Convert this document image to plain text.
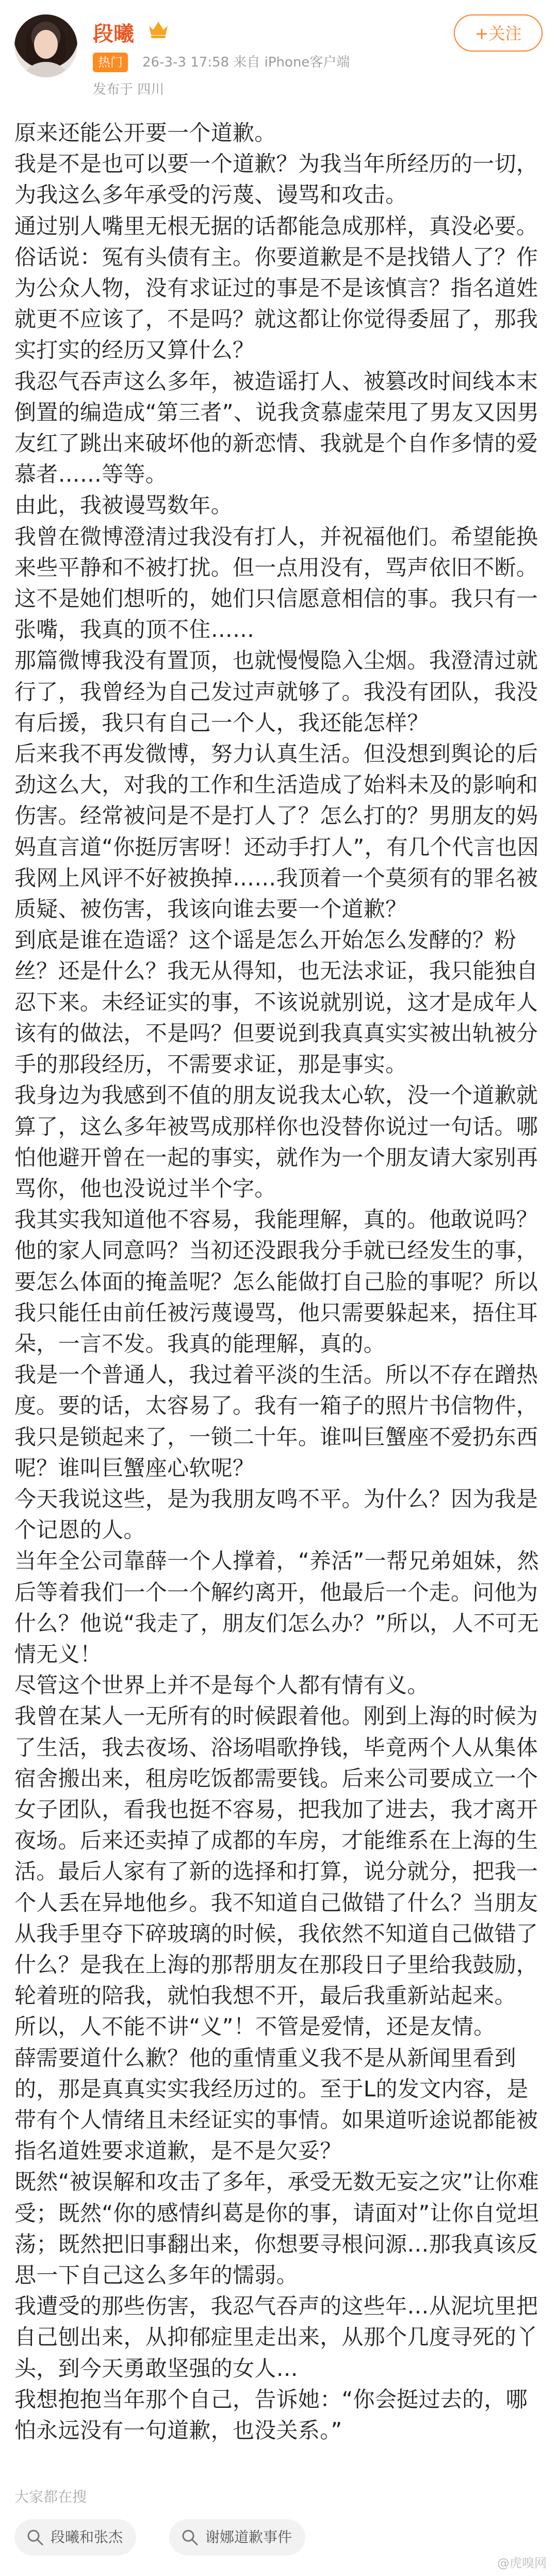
段曦
热门	26-3-3 17:58 来自 iPhone客户端
发布于 四川
+关注

原来还能公开要一个道歉。

我是不是也可以要一个道歉？为我当年所经历的一切，为我这么多年承受的污蔑、谩骂和攻击。

通过别人嘴里无根无据的话都能急成那样，真没必要。俗话说：冤有头债有主。你要道歉是不是找错人了？作为公众人物，没有求证过的事是不是该慎言？指名道姓就更不应该了，不是吗？就这都让你觉得委屈了，那我实打实的经历又算什么？

我忍气吞声这么多年，被造谣打人、被篡改时间线本末倒置的编造成“第三者”、说我贪慕虚荣甩了男友又因男友红了跳出来破坏他的新恋情、我就是个自作多情的爱慕者……等等。

由此，我被谩骂数年。

我曾在微博澄清过我没有打人，并祝福他们。希望能换来些平静和不被打扰。但一点用没有，骂声依旧不断。这不是她们想听的，她们只信愿意相信的事。我只有一张嘴，我真的顶不住……

那篇微博我没有置顶，也就慢慢隐入尘烟。我澄清过就行了，我曾经为自己发过声就够了。我没有团队，我没有后援，我只有自己一个人，我还能怎样？

后来我不再发微博，努力认真生活。但没想到舆论的后劲这么大，对我的工作和生活造成了始料未及的影响和伤害。经常被问是不是打人了？怎么打的？男朋友的妈妈直言道“你挺厉害呀！还动手打人”，有几个代言也因我网上风评不好被换掉……我顶着一个莫须有的罪名被质疑、被伤害，我该向谁去要一个道歉？

到底是谁在造谣？这个谣是怎么开始怎么发酵的？粉丝？还是什么？我无从得知，也无法求证，我只能独自忍下来。未经证实的事，不该说就别说，这才是成年人该有的做法，不是吗？但要说到我真真实实被出轨被分手的那段经历，不需要求证，那是事实。

我身边为我感到不值的朋友说我太心软，没一个道歉就算了，这么多年被骂成那样你也没替你说过一句话。哪怕他避开曾在一起的事实，就作为一个朋友请大家别再骂你，他也没说过半个字。

我其实我知道他不容易，我能理解，真的。他敢说吗？他的家人同意吗？当初还没跟我分手就已经发生的事，要怎么体面的掩盖呢？怎么能做打自己脸的事呢？所以我只能任由前任被污蔑谩骂，他只需要躲起来，捂住耳朵，一言不发。我真的能理解，真的。

我是一个普通人，我过着平淡的生活。所以不存在蹭热度。要的话，太容易了。我有一箱子的照片书信物件，我只是锁起来了，一锁二十年。谁叫巨蟹座不爱扔东西呢？谁叫巨蟹座心软呢？

今天我说这些，是为我朋友鸣不平。为什么？因为我是个记恩的人。

当年全公司靠薛一个人撑着，“养活”一帮兄弟姐妹，然后等着我们一个一个解约离开，他最后一个走。问他为什么？他说“我走了，朋友们怎么办？”所以，人不可无情无义！

尽管这个世界上并不是每个人都有情有义。

我曾在某人一无所有的时候跟着他。刚到上海的时候为了生活，我去夜场、浴场唱歌挣钱，毕竟两个人从集体宿舍搬出来，租房吃饭都需要钱。后来公司要成立一个女子团队，看我也挺不容易，把我加了进去，我才离开夜场。后来还卖掉了成都的车房，才能维系在上海的生活。最后人家有了新的选择和打算，说分就分，把我一个人丢在异地他乡。我不知道自己做错了什么？当朋友从我手里夺下碎玻璃的时候，我依然不知道自己做错了什么？是我在上海的那帮朋友在那段日子里给我鼓励，轮着班的陪我，就怕我想不开，最后我重新站起来。

所以，人不能不讲“义”！不管是爱情，还是友情。

薛需要道什么歉？他的重情重义我不是从新闻里看到的，那是真真实实我经历过的。至于L的发文内容，是带有个人情绪且未经证实的事情。如果道听途说都能被指名道姓要求道歉，是不是欠妥？

既然“被误解和攻击了多年，承受无数无妄之灾”让你难受；既然“你的感情纠葛是你的事，请面对”让你自觉坦荡；既然把旧事翻出来，你想要寻根问源…那我真该反思一下自己这么多年的懦弱。

我遭受的那些伤害，我忍气吞声的这些年…从泥坑里把自己刨出来，从抑郁症里走出来，从那个几度寻死的丫头，到今天勇敢坚强的女人…

我想抱抱当年那个自己，告诉她：“你会挺过去的，哪怕永远没有一句道歉，也没关系。”

大家都在搜
段曦和张杰	谢娜道歉事件
@虎嗅网
